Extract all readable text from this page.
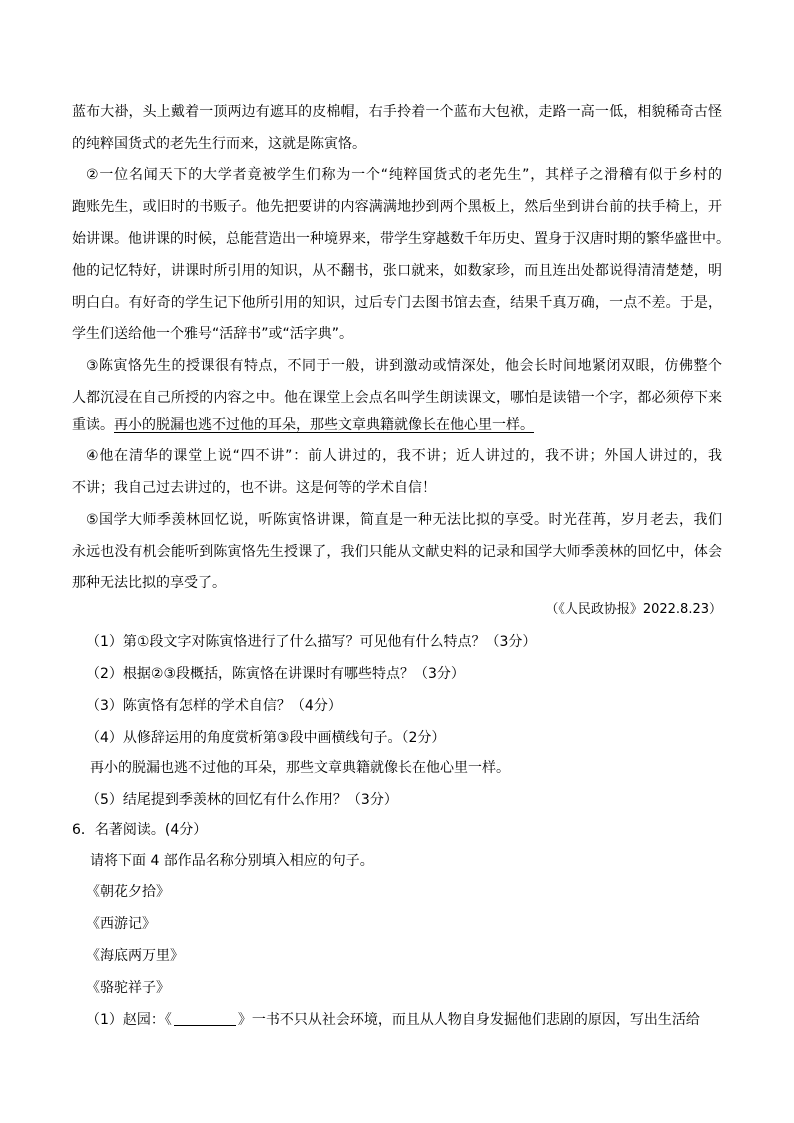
蓝布大褂，头上戴着一顶两边有遮耳的皮棉帽，右手拎着一个蓝布大包袱，走路一高一低，相貌稀奇古怪
的纯粹国货式的老先生行而来，这就是陈寅恪。
②一位名闻天下的大学者竟被学生们称为一个“纯粹国货式的老先生”，其样子之滑稽有似于乡村的
跑账先生，或旧时的书贩子。他先把要讲的内容满满地抄到两个黑板上，然后坐到讲台前的扶手椅上，开
始讲课。他讲课的时候，总能营造出一种境界来，带学生穿越数千年历史、置身于汉唐时期的繁华盛世中。
他的记忆特好，讲课时所引用的知识，从不翻书，张口就来，如数家珍，而且连出处都说得清清楚楚，明
明白白。有好奇的学生记下他所引用的知识，过后专门去图书馆去查，结果千真万确，一点不差。于是，
学生们送给他一个雅号“活辞书”或“活字典”。
③陈寅恪先生的授课很有特点，不同于一般，讲到激动或情深处，他会长时间地紧闭双眼，仿佛整个
人都沉浸在自己所授的内容之中。他在课堂上会点名叫学生朗读课文，哪怕是读错一个字，都必须停下来
重读。再小的脱漏也逃不过他的耳朵，那些文章典籍就像长在他心里一样。
④他在清华的课堂上说“四不讲”：前人讲过的，我不讲；近人讲过的，我不讲；外国人讲过的，我
不讲；我自己过去讲过的，也不讲。这是何等的学术自信！
⑤国学大师季羡林回忆说，听陈寅恪讲课，简直是一种无法比拟的享受。时光荏苒，岁月老去，我们
永远也没有机会能听到陈寅恪先生授课了，我们只能从文献史料的记录和国学大师季羡林的回忆中，体会
那种无法比拟的享受了。
（《人民政协报》2022.8.23）
（1）第①段文字对陈寅恪进行了什么描写？可见他有什么特点？（3分）
（2）根据②③段概括，陈寅恪在讲课时有哪些特点？（3分）
（3）陈寅恪有怎样的学术自信？（4分）
（4）从修辞运用的角度赏析第③段中画横线句子。（2分）
再小的脱漏也逃不过他的耳朵，那些文章典籍就像长在他心里一样。
（5）结尾提到季羡林的回忆有什么作用？（3分）
6．名著阅读。(4分）
请将下面 4 部作品名称分别填入相应的句子。
《朝花夕拾》
《西游记》
《海底两万里》
《骆驼祥子》
（1）赵园：《	》一书不只从社会环境，而且从人物自身发掘他们悲剧的原因，写出生活给
